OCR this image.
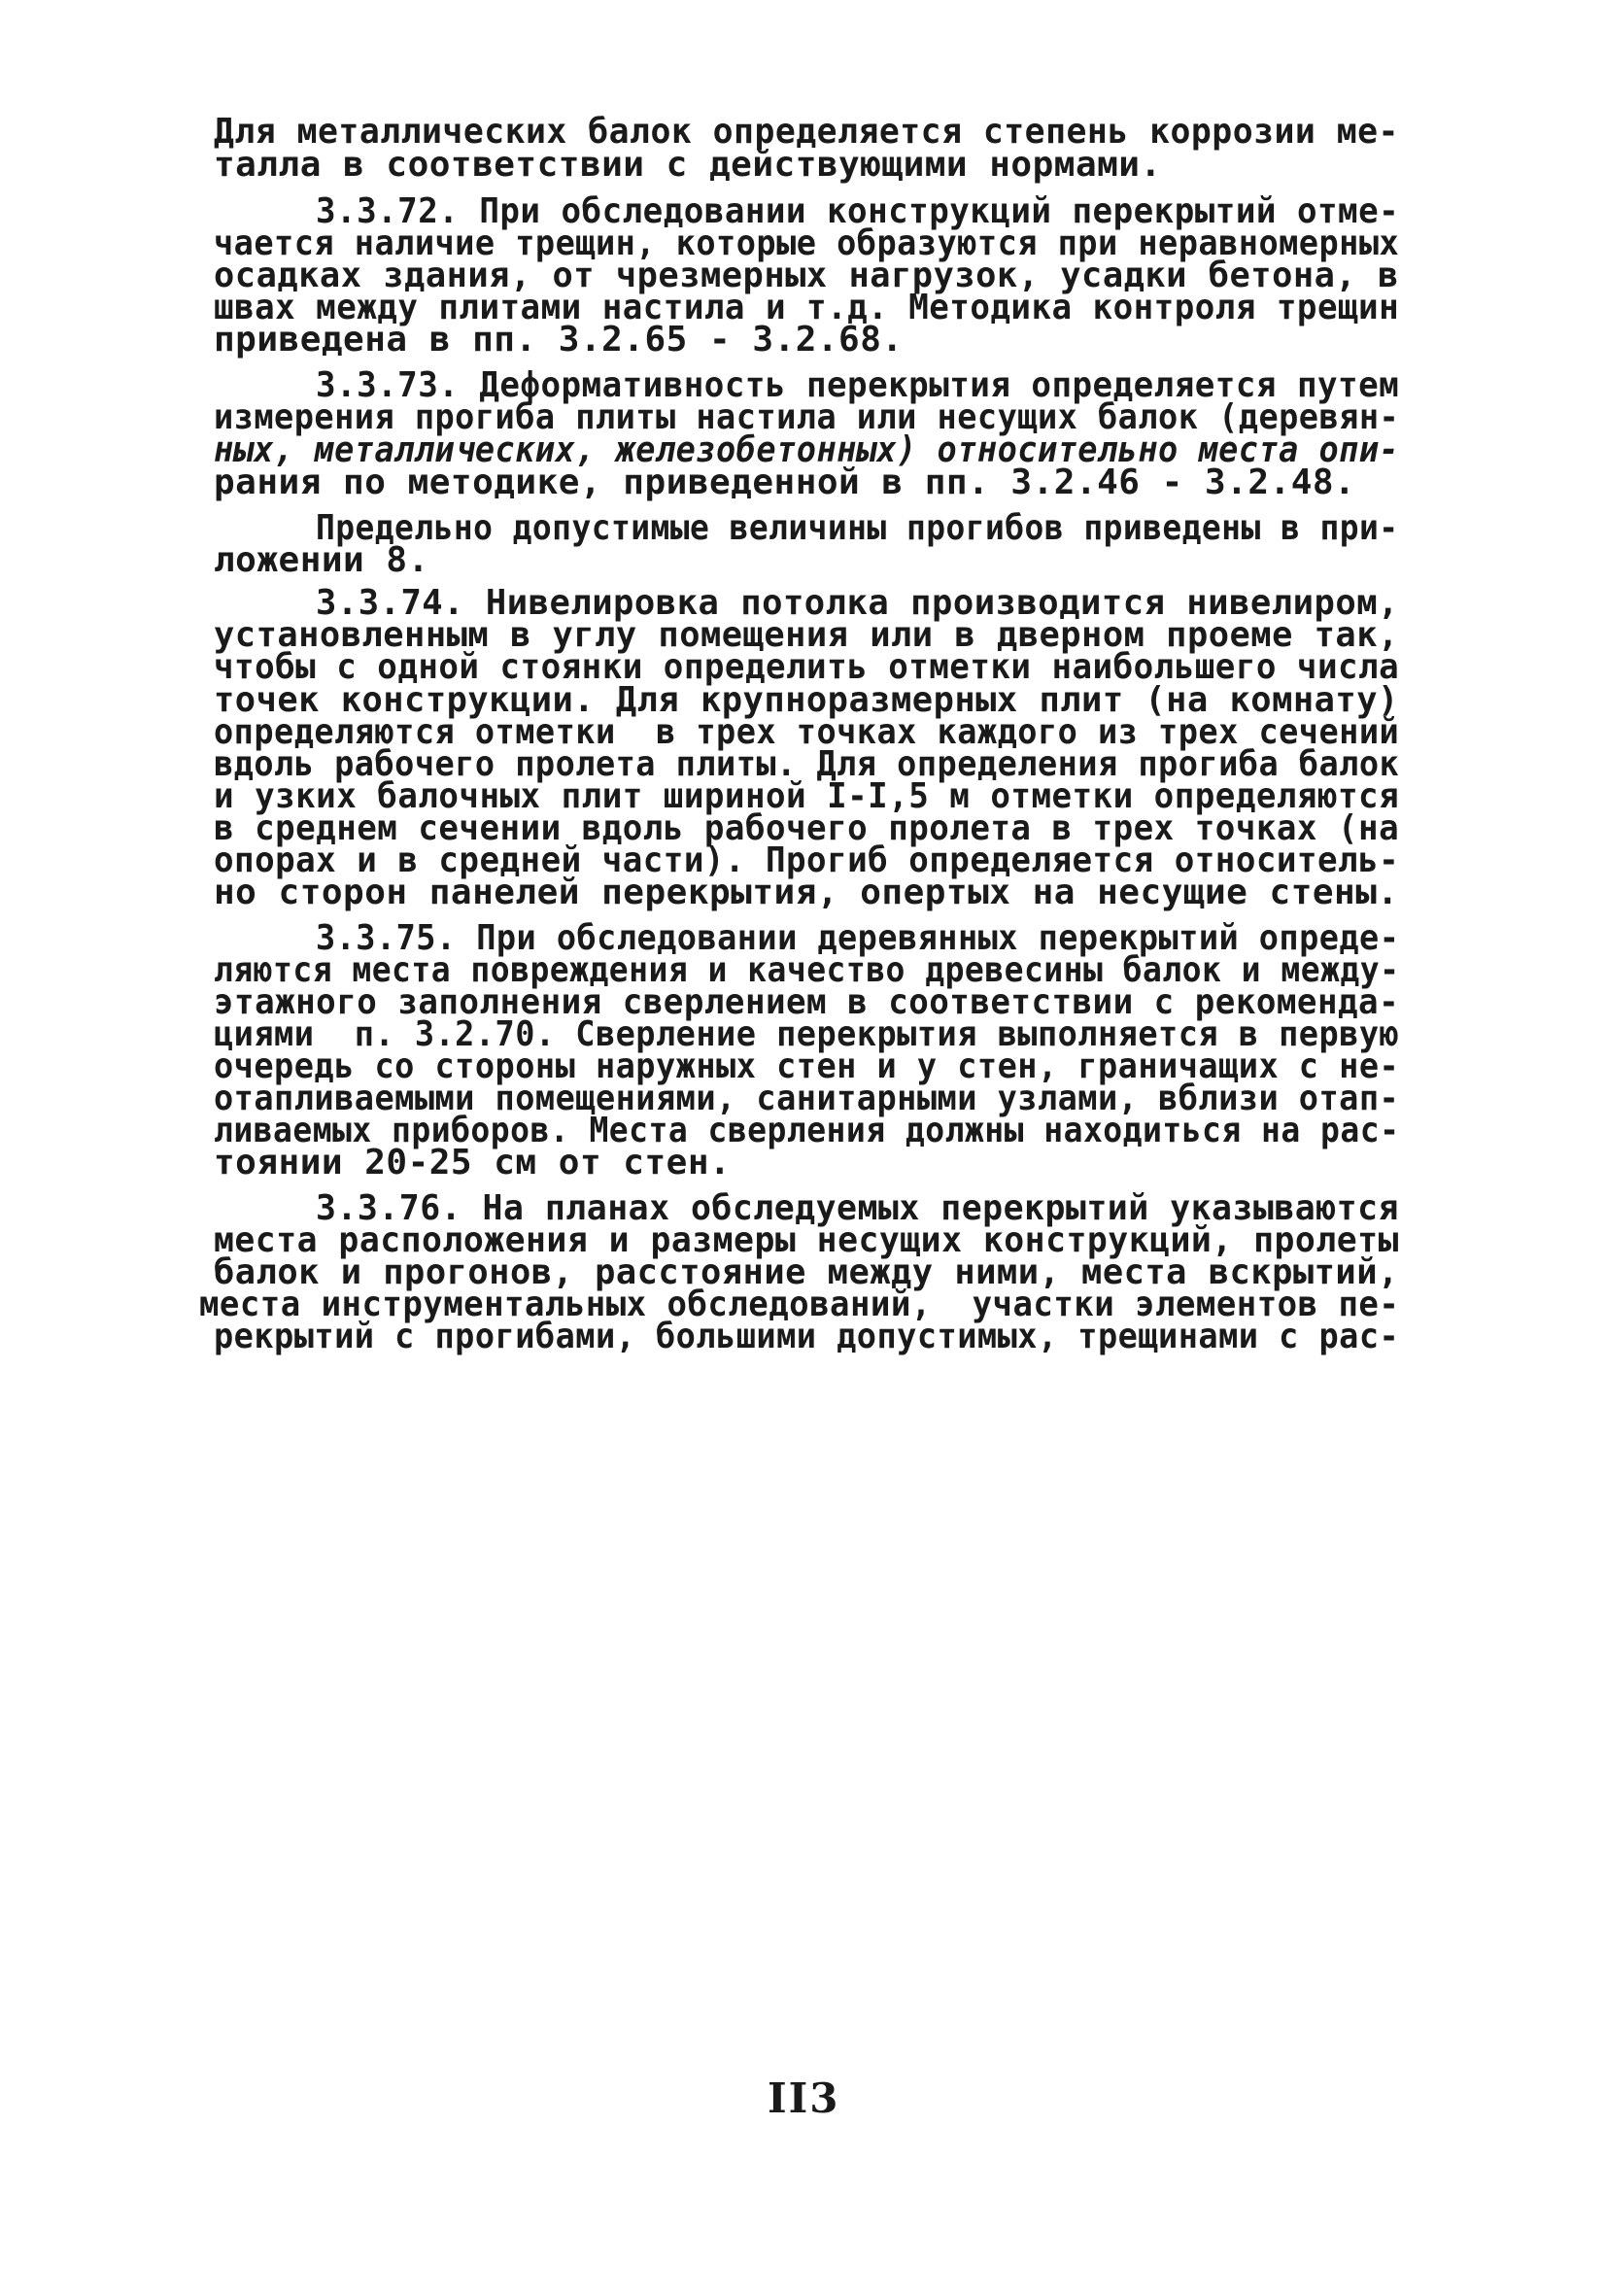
Для металлических балок определяется степень коррозии ме-
талла в соответствии с действующими нормами.
3.3.72. При обследовании конструкций перекрытий отме-
чается наличие трещин, которые образуются при неравномерных
осадках здания, от чрезмерных нагрузок, усадки бетона, в
швах между плитами настила и т.д. Методика контроля трещин
приведена в пп. 3.2.65 - 3.2.68.
3.3.73. Деформативность перекрытия определяется путем
измерения прогиба плиты настила или несущих балок (деревян-
ных, металлических, железобетонных) относительно места опи-
рания по методике, приведенной в пп. 3.2.46 - 3.2.48.
Предельно допустимые величины прогибов приведены в при-
ложении 8.
3.3.74. Нивелировка потолка производится нивелиром,
установленным в углу помещения или в дверном проеме так,
чтобы с одной стоянки определить отметки наибольшего числа
точек конструкции. Для крупноразмерных плит (на комнату)
определяются отметки  в трех точках каждого из трех сечений
вдоль рабочего пролета плиты. Для определения прогиба балок
и узких балочных плит шириной I-I,5 м отметки определяются
в среднем сечении вдоль рабочего пролета в трех точках (на
опорах и в средней части). Прогиб определяется относитель-
но сторон панелей перекрытия, опертых на несущие стены.
3.3.75. При обследовании деревянных перекрытий опреде-
ляются места повреждения и качество древесины балок и между-
этажного заполнения сверлением в соответствии с рекоменда-
циями  п. 3.2.70. Сверление перекрытия выполняется в первую
очередь со стороны наружных стен и у стен, граничащих с не-
отапливаемыми помещениями, санитарными узлами, вблизи отап-
ливаемых приборов. Места сверления должны находиться на рас-
тоянии 20-25 см от стен.
3.3.76. На планах обследуемых перекрытий указываются
места расположения и размеры несущих конструкций, пролеты
балок и прогонов, расстояние между ними, места вскрытий,
места инструментальных обследований,  участки элементов пе-
рекрытий с прогибами, большими допустимых, трещинами с рас-
II3
